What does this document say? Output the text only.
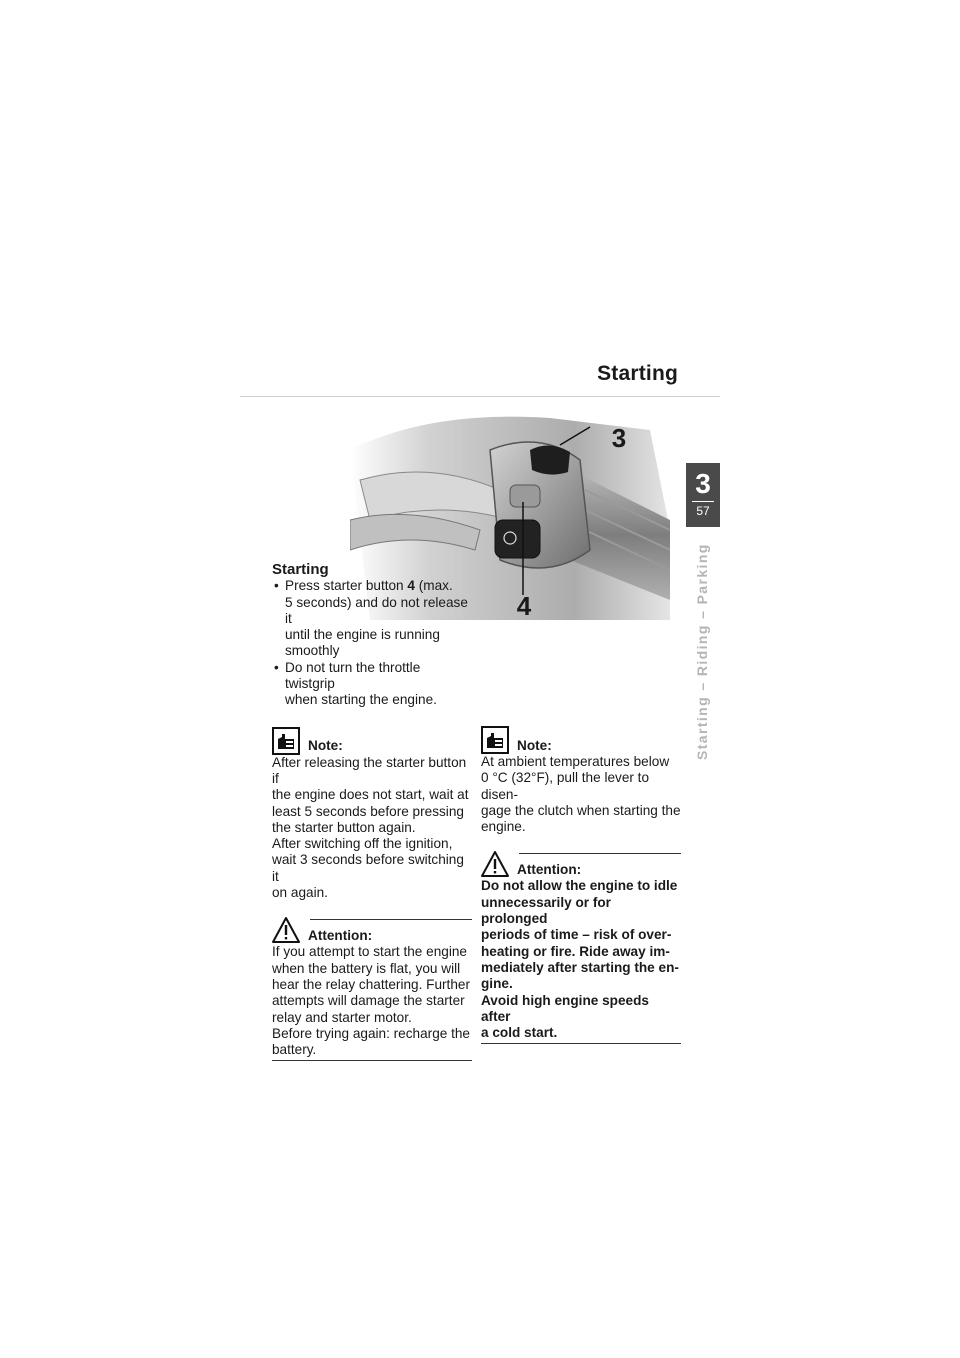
Starting
3
57
Starting – Riding – Parking
3
4
Starting
• Press starter button 4 (max.
5 seconds) and do not release it
until the engine is running
smoothly
• Do not turn the throttle twistgrip
when starting the engine.
Note:
After releasing the starter button if
the engine does not start, wait at
least 5 seconds before pressing
the starter button again.
After switching off the ignition,
wait 3 seconds before switching it
on again.
Attention:
If you attempt to start the engine
when the battery is flat, you will
hear the relay chattering. Further
attempts will damage the starter
relay and starter motor.
Before trying again: recharge the
battery.
Note:
At ambient temperatures below
0 °C (32°F), pull the lever to disen-
gage the clutch when starting the
engine.
Attention:
Do not allow the engine to idle
unnecessarily or for prolonged
periods of time – risk of over-
heating or fire. Ride away im-
mediately after starting the en-
gine.
Avoid high engine speeds after
a cold start.
